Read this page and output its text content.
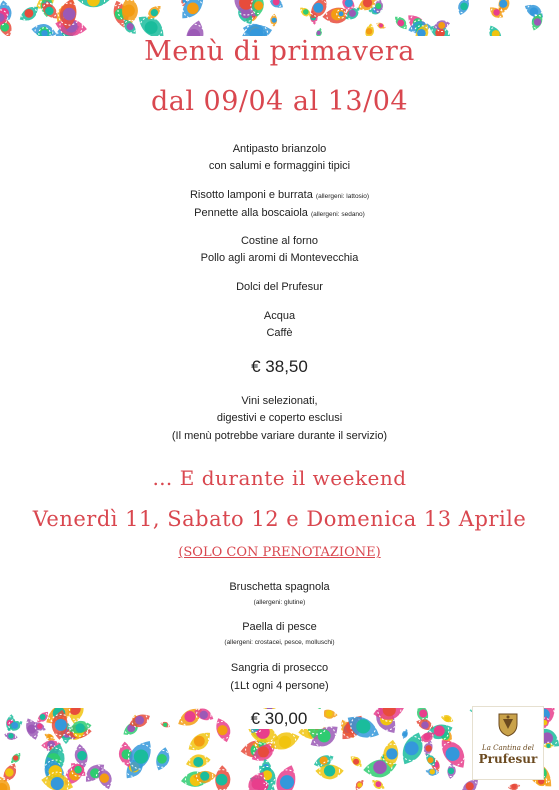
Menù di primavera
dal 09/04 al 13/04
Antipasto brianzolo
con salumi e formaggini tipici
Risotto lamponi e burrata (allergeni: lattosio)
Pennette alla boscaiola (allergeni: sedano)
Costine al forno
Pollo agli aromi di Montevecchia
Dolci del Prufesur
Acqua
Caffè
€ 38,50
Vini selezionati,
digestivi e coperto esclusi
(Il menù potrebbe variare durante il servizio)
… E durante il weekend
Venerdì 11, Sabato 12 e Domenica 13 Aprile
(SOLO CON PRENOTAZIONE)
Bruschetta spagnola
(allergeni: glutine)
Paella di pesce
(allergeni: crostacei, pesce, molluschi)
Sangria di prosecco
(1Lt ogni 4 persone)
€ 30,00
La Cantina del
Prufesur
